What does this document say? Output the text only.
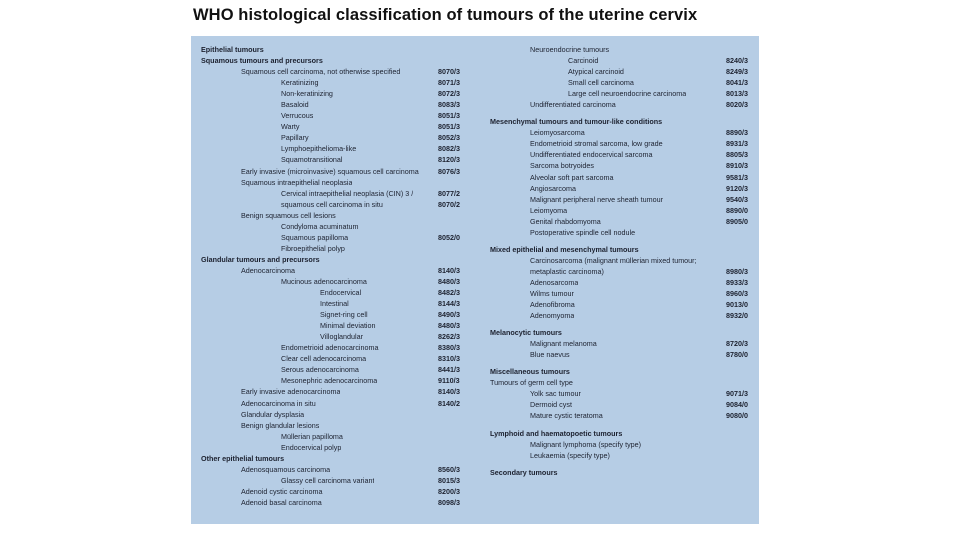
WHO histological classification of tumours of the uterine cervix
Epithelial tumours
Squamous tumours and precursors
Squamous cell carcinoma, not otherwise specified	8070/3
Keratinizing	8071/3
Non-keratinizing	8072/3
Basaloid	8083/3
Verrucous	8051/3
Warty	8051/3
Papillary	8052/3
Lymphoepithelioma-like	8082/3
Squamotransitional	8120/3
Early invasive (microinvasive) squamous cell carcinoma	8076/3
Squamous intraepithelial neoplasia
Cervical intraepithelial neoplasia (CIN) 3 /	8077/2
squamous cell carcinoma in situ	8070/2
Benign squamous cell lesions
Condyloma acuminatum
Squamous papilloma	8052/0
Fibroepithelial polyp
Glandular tumours and precursors
Adenocarcinoma	8140/3
Mucinous adenocarcinoma	8480/3
Endocervical	8482/3
Intestinal	8144/3
Signet-ring cell	8490/3
Minimal deviation	8480/3
Villoglandular	8262/3
Endometrioid adenocarcinoma	8380/3
Clear cell adenocarcinoma	8310/3
Serous adenocarcinoma	8441/3
Mesonephric adenocarcinoma	9110/3
Early invasive adenocarcinoma	8140/3
Adenocarcinoma in situ	8140/2
Glandular dysplasia
Benign glandular lesions
Müllerian papilloma
Endocervical polyp
Other epithelial tumours
Adenosquamous carcinoma	8560/3
Glassy cell carcinoma variant	8015/3
Adenoid cystic carcinoma	8200/3
Adenoid basal carcinoma	8098/3
Neuroendocrine tumours
Carcinoid	8240/3
Atypical carcinoid	8249/3
Small cell carcinoma	8041/3
Large cell neuroendocrine carcinoma	8013/3
Undifferentiated carcinoma	8020/3
Mesenchymal tumours and tumour-like conditions
Leiomyosarcoma	8890/3
Endometrioid stromal sarcoma, low grade	8931/3
Undifferentiated endocervical sarcoma	8805/3
Sarcoma botryoides	8910/3
Alveolar soft part sarcoma	9581/3
Angiosarcoma	9120/3
Malignant peripheral nerve sheath tumour	9540/3
Leiomyoma	8890/0
Genital rhabdomyoma	8905/0
Postoperative spindle cell nodule
Mixed epithelial and mesenchymal tumours
Carcinosarcoma (malignant müllerian mixed tumour;
metaplastic carcinoma)	8980/3
Adenosarcoma	8933/3
Wilms tumour	8960/3
Adenofibroma	9013/0
Adenomyoma	8932/0
Melanocytic tumours
Malignant melanoma	8720/3
Blue naevus	8780/0
Miscellaneous tumours
Tumours of germ cell type
Yolk sac tumour	9071/3
Dermoid cyst	9084/0
Mature cystic teratoma	9080/0
Lymphoid and haematopoetic tumours
Malignant lymphoma (specify type)
Leukaemia (specify type)
Secondary tumours
